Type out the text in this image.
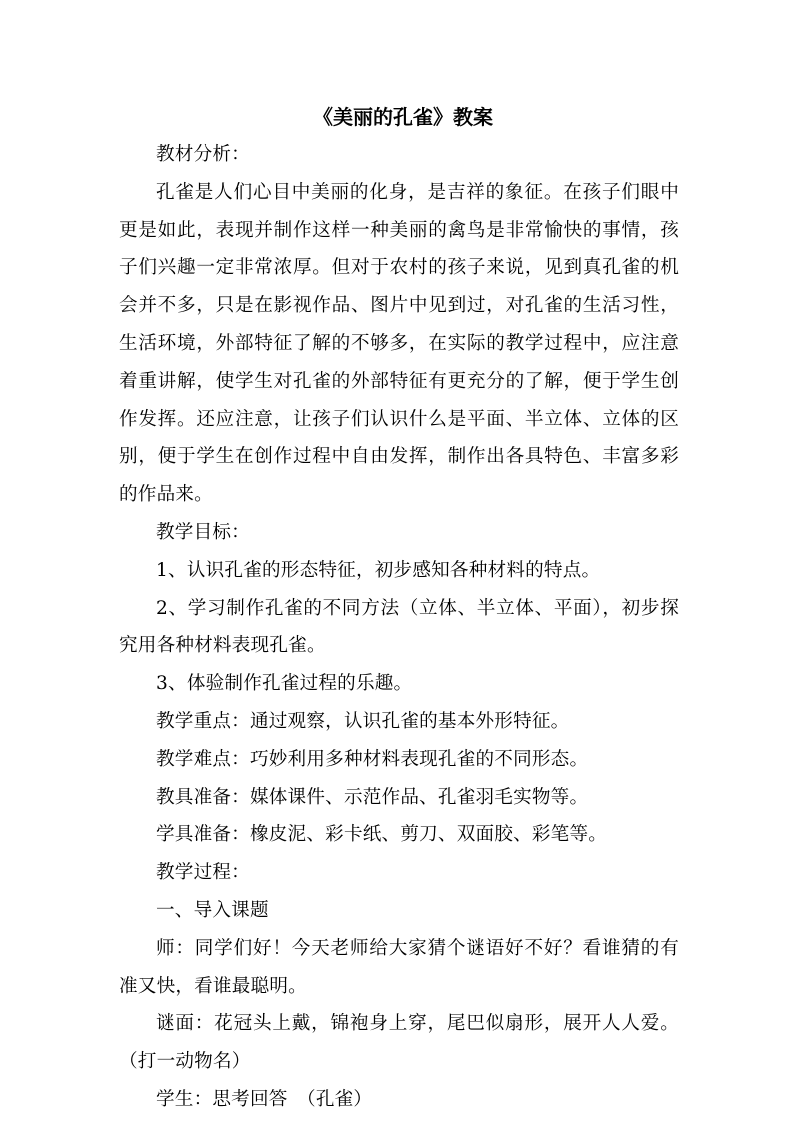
《美丽的孔雀》教案

教材分析：

孔雀是人们心目中美丽的化身，是吉祥的象征。在孩子们眼中更是如此，表现并制作这样一种美丽的禽鸟是非常愉快的事情，孩子们兴趣一定非常浓厚。但对于农村的孩子来说，见到真孔雀的机会并不多，只是在影视作品、图片中见到过，对孔雀的生活习性，生活环境，外部特征了解的不够多，在实际的教学过程中，应注意着重讲解，使学生对孔雀的外部特征有更充分的了解，便于学生创作发挥。还应注意，让孩子们认识什么是平面、半立体、立体的区别，便于学生在创作过程中自由发挥，制作出各具特色、丰富多彩的作品来。

教学目标：

1、认识孔雀的形态特征，初步感知各种材料的特点。

2、学习制作孔雀的不同方法（立体、半立体、平面），初步探究用各种材料表现孔雀。

3、体验制作孔雀过程的乐趣。

教学重点：通过观察，认识孔雀的基本外形特征。

教学难点：巧妙利用多种材料表现孔雀的不同形态。

教具准备：媒体课件、示范作品、孔雀羽毛实物等。

学具准备：橡皮泥、彩卡纸、剪刀、双面胶、彩笔等。

教学过程：

一、导入课题

师：同学们好！今天老师给大家猜个谜语好不好？看谁猜的有准又快，看谁最聪明。

谜面：花冠头上戴，锦袍身上穿，尾巴似扇形，展开人人爱。（打一动物名）

学生：思考回答　（孔雀）
